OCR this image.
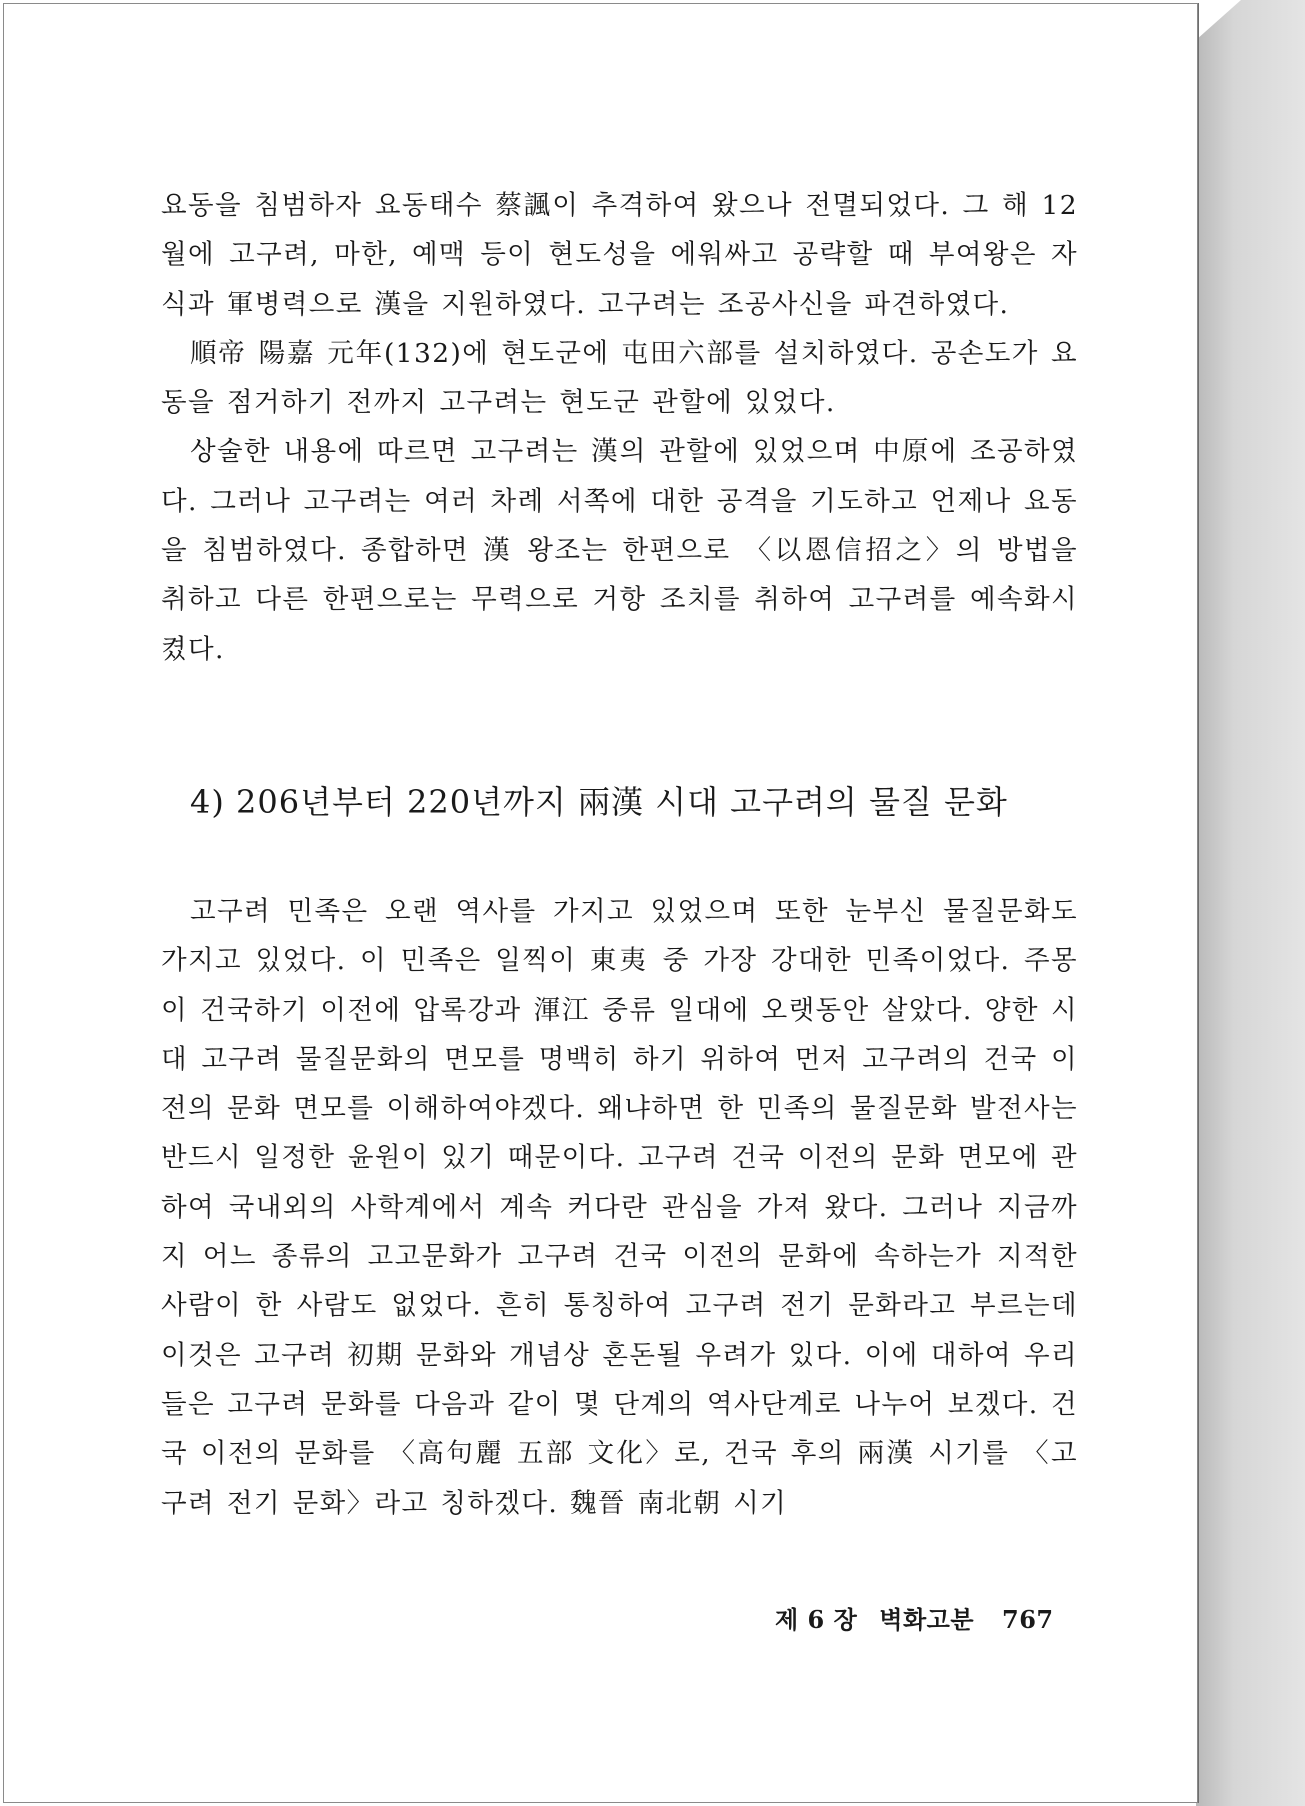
요동을 침범하자 요동태수 蔡諷이 추격하여 왔으나 전멸되었다. 그 해 12월에 고구려, 마한, 예맥 등이 현도성을 에워싸고 공략할 때 부여왕은 자식과 軍병력으로 漢을 지원하였다. 고구려는 조공사신을 파견하였다.

順帝 陽嘉 元年(132)에 현도군에 屯田六部를 설치하였다. 공손도가 요동을 점거하기 전까지 고구려는 현도군 관할에 있었다.

상술한 내용에 따르면 고구려는 漢의 관할에 있었으며 中原에 조공하였다. 그러나 고구려는 여러 차례 서쪽에 대한 공격을 기도하고 언제나 요동을 침범하였다. 종합하면 漢 왕조는 한편으로 〈以恩信招之〉의 방법을 취하고 다른 한편으로는 무력으로 거항 조치를 취하여 고구려를 예속화시켰다.

4) 206년부터 220년까지 兩漢 시대 고구려의 물질 문화

고구려 민족은 오랜 역사를 가지고 있었으며 또한 눈부신 물질문화도 가지고 있었다. 이 민족은 일찍이 東夷 중 가장 강대한 민족이었다. 주몽이 건국하기 이전에 압록강과 渾江 중류 일대에 오랫동안 살았다. 양한 시대 고구려 물질문화의 면모를 명백히 하기 위하여 먼저 고구려의 건국 이전의 문화 면모를 이해하여야겠다. 왜냐하면 한 민족의 물질문화 발전사는 반드시 일정한 윤원이 있기 때문이다. 고구려 건국 이전의 문화 면모에 관하여 국내외의 사학계에서 계속 커다란 관심을 가져 왔다. 그러나 지금까지 어느 종류의 고고문화가 고구려 건국 이전의 문화에 속하는가 지적한 사람이 한 사람도 없었다. 흔히 통칭하여 고구려 전기 문화라고 부르는데 이것은 고구려 初期 문화와 개념상 혼돈될 우려가 있다. 이에 대하여 우리들은 고구려 문화를 다음과 같이 몇 단계의 역사단계로 나누어 보겠다. 건국 이전의 문화를 〈高句麗 五部 文化〉로, 건국 후의 兩漢 시기를 〈고구려 전기 문화〉라고 칭하겠다. 魏晉 南北朝 시기

제 6 장 벽화고분 767
